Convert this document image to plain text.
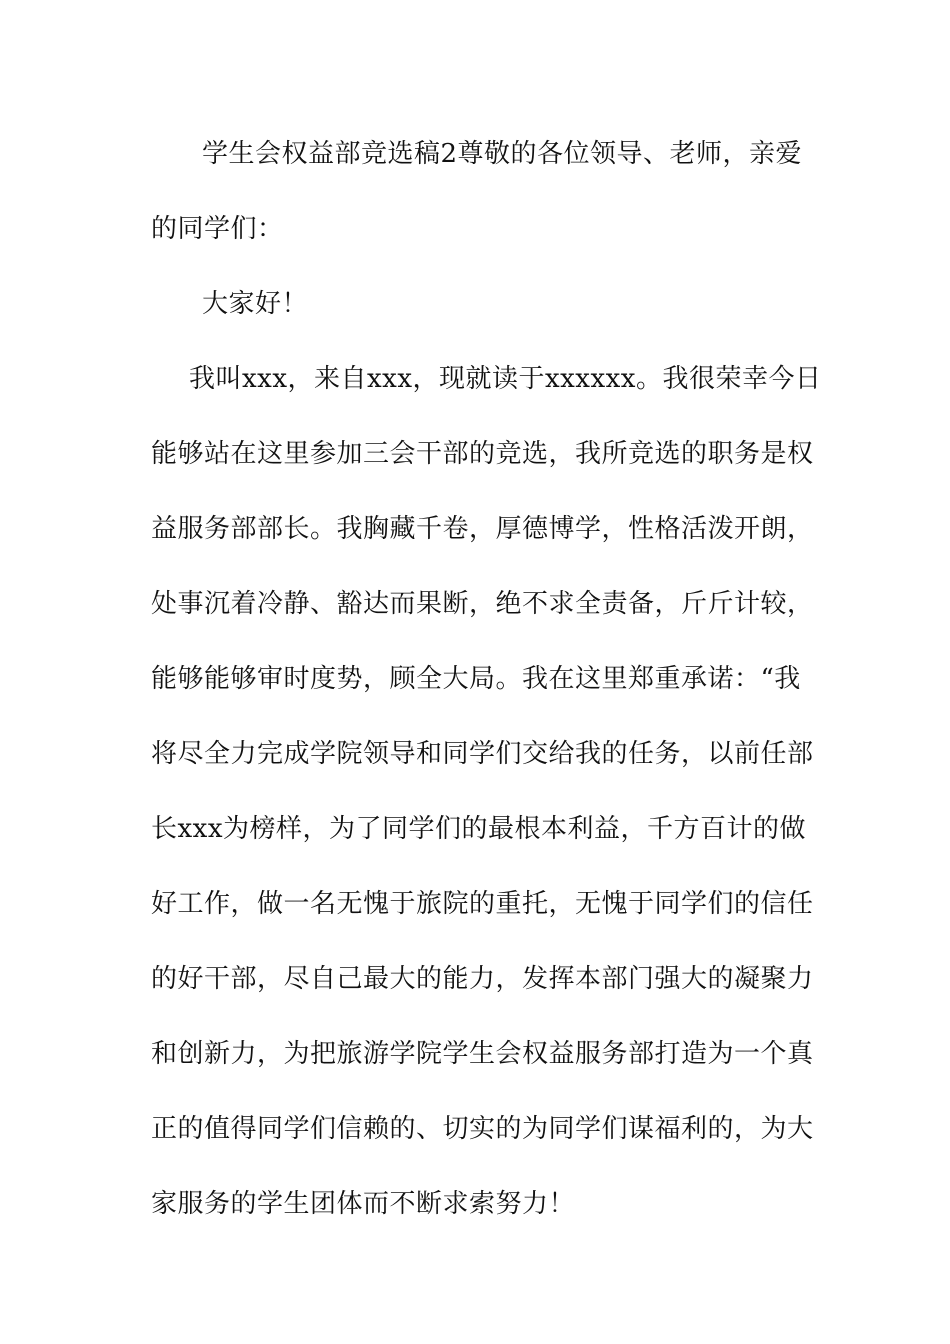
学生会权益部竞选稿2尊敬的各位领导、老师，亲爱
的同学们：
大家好！
我叫xxx，来自xxx，现就读于xxxxxx。我很荣幸今日
能够站在这里参加三会干部的竞选，我所竞选的职务是权
益服务部部长。我胸藏千卷，厚德博学，性格活泼开朗，
处事沉着冷静、豁达而果断，绝不求全责备，斤斤计较，
能够能够审时度势，顾全大局。我在这里郑重承诺：“我
将尽全力完成学院领导和同学们交给我的任务，以前任部
长xxx为榜样，为了同学们的最根本利益，千方百计的做
好工作，做一名无愧于旅院的重托，无愧于同学们的信任
的好干部，尽自己最大的能力，发挥本部门强大的凝聚力
和创新力，为把旅游学院学生会权益服务部打造为一个真
正的值得同学们信赖的、切实的为同学们谋福利的，为大
家服务的学生团体而不断求索努力！
